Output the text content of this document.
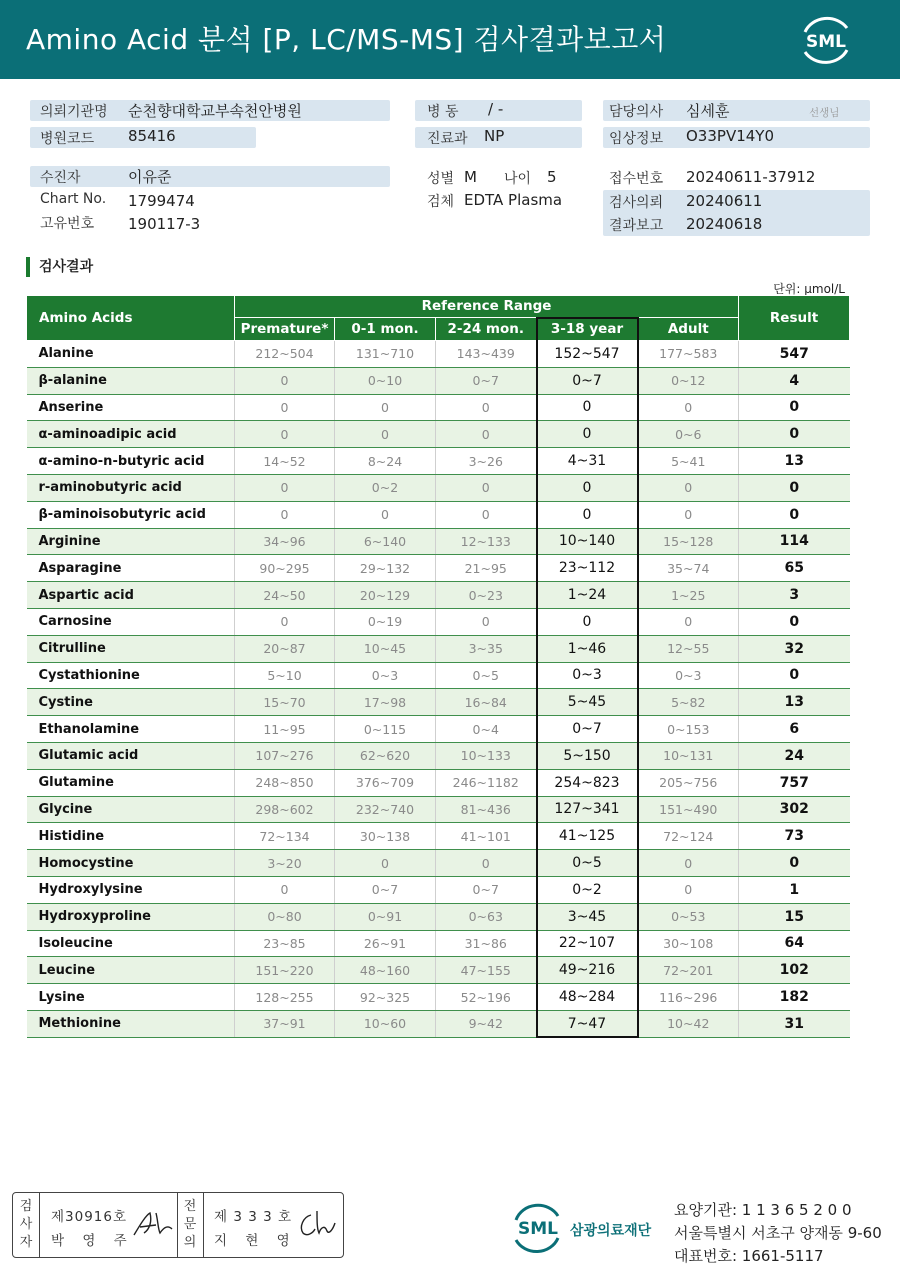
Amino Acid 분석 [P, LC/MS-MS] 검사결과보고서	SML
의뢰기관명 순천향대학교부속천안병원
병원코드 85416
병 동 / -
진료과 NP
담당의사 심세훈	선생님
임상정보 O33PV14Y0
수진자	이유준
Chart No. 1799474
고유번호 190117-3
성별 M 나이 5
검체 EDTA Plasma
접수번호 20240611-37912
검사의뢰 20240611
결과보고 20240618
검사결과
단위: μmol/L
Amino Acids	Reference Range					Result
	Premature*	0-1 mon.	2-24 mon.	3-18 year	Adult	
Alanine	212~504	131~710	143~439	152~547	177~583	547
β-alanine	0	0~10	0~7	0~7	0~12	4
Anserine	0	0	0	0	0	0
α-aminoadipic acid	0	0	0	0	0~6	0
α-amino-n-butyric acid	14~52	8~24	3~26	4~31	5~41	13
r-aminobutyric acid	0	0~2	0	0	0	0
β-aminoisobutyric acid	0	0	0	0	0	0
Arginine	34~96	6~140	12~133	10~140	15~128	114
Asparagine	90~295	29~132	21~95	23~112	35~74	65
Aspartic acid	24~50	20~129	0~23	1~24	1~25	3
Carnosine	0	0~19	0	0	0	0
Citrulline	20~87	10~45	3~35	1~46	12~55	32
Cystathionine	5~10	0~3	0~5	0~3	0~3	0
Cystine	15~70	17~98	16~84	5~45	5~82	13
Ethanolamine	11~95	0~115	0~4	0~7	0~153	6
Glutamic acid	107~276	62~620	10~133	5~150	10~131	24
Glutamine	248~850	376~709	246~1182	254~823	205~756	757
Glycine	298~602	232~740	81~436	127~341	151~490	302
Histidine	72~134	30~138	41~101	41~125	72~124	73
Homocystine	3~20	0	0	0~5	0	0
Hydroxylysine	0	0~7	0~7	0~2	0	1
Hydroxyproline	0~80	0~91	0~63	3~45	0~53	15
Isoleucine	23~85	26~91	31~86	22~107	30~108	64
Leucine	151~220	48~160	47~155	49~216	72~201	102
Lysine	128~255	92~325	52~196	48~284	116~296	182
Methionine	37~91	10~60	9~42	7~47	10~42	31
검
사
자
제30916호
박 영 주
전
문
의
제 3 3 3 호
지 현 영
SML 삼광의료재단
요양기관: 1 1 3 6 5 2 0 0
서울특별시 서초구 양재동 9-60
대표번호: 1661-5117
